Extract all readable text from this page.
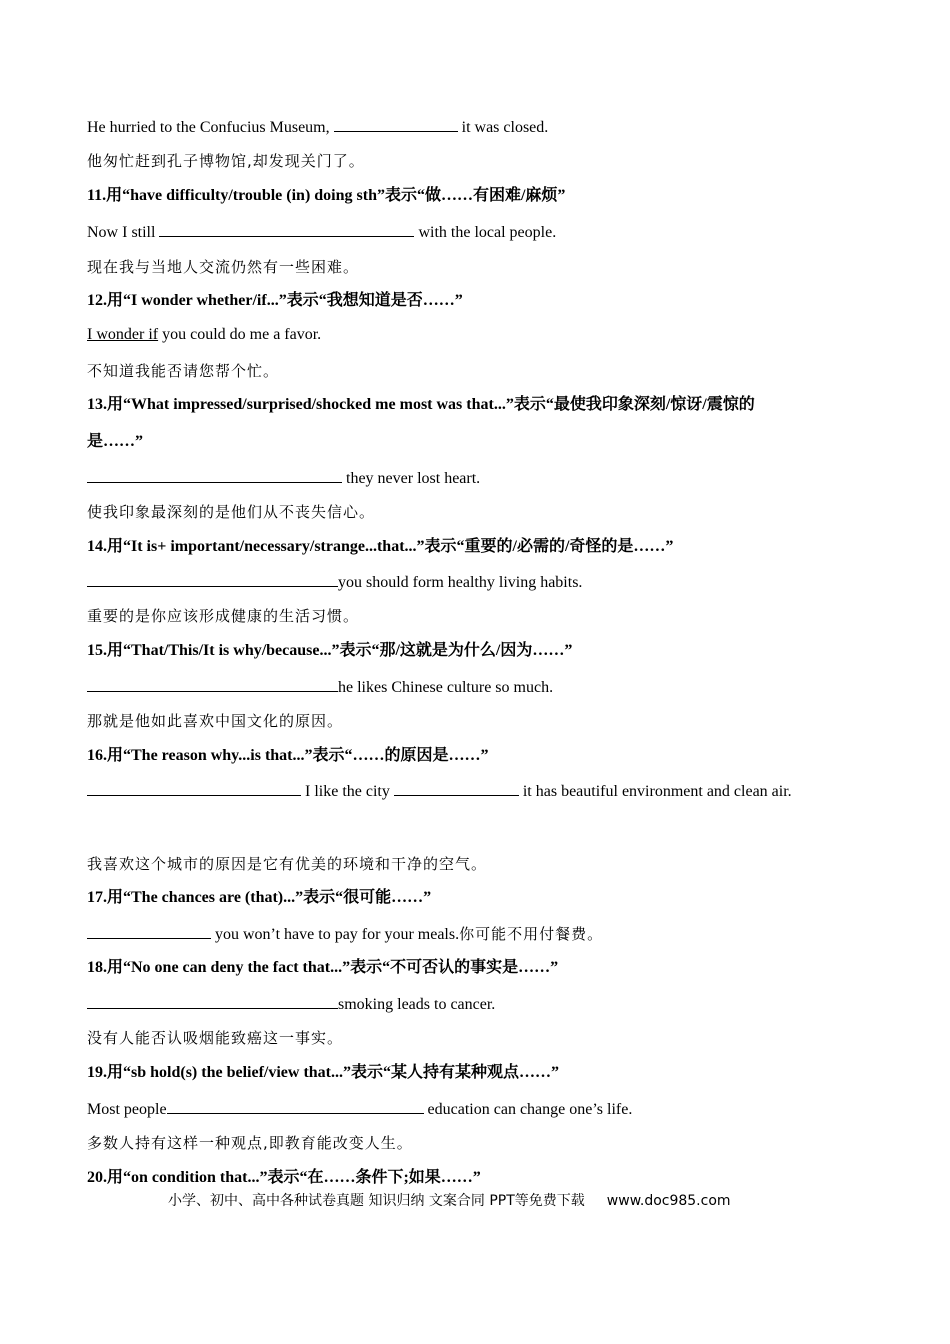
He hurried to the Confucius Museum,	it was closed.
他匆忙赶到孔子博物馆,却发现关门了。
11.用“have difficulty/trouble (in) doing sth”表示“做……有困难/麻烦”
Now I still	with the local people.
现在我与当地人交流仍然有一些困难。
12.用“I wonder whether/if...”表示“我想知道是否……”
I wonder if you could do me a favor.
不知道我能否请您帮个忙。
13.用“What impressed/surprised/shocked me most was that...”表示“最使我印象深刻/惊讶/震惊的
是……”
they never lost heart.
使我印象最深刻的是他们从不丧失信心。
14.用“It is+ important/necessary/strange...that...”表示“重要的/必需的/奇怪的是……”
you should form healthy living habits.
重要的是你应该形成健康的生活习惯。
15.用“That/This/It is why/because...”表示“那/这就是为什么/因为……”
he likes Chinese culture so much.
那就是他如此喜欢中国文化的原因。
16.用“The reason why...is that...”表示“……的原因是……”
I like the city	it has beautiful environment and clean air.
我喜欢这个城市的原因是它有优美的环境和干净的空气。
17.用“The chances are (that)...”表示“很可能……”
you won’t have to pay for your meals.你可能不用付餐费。
18.用“No one can deny the fact that...”表示“不可否认的事实是……”
smoking leads to cancer.
没有人能否认吸烟能致癌这一事实。
19.用“sb hold(s) the belief/view that...”表示“某人持有某种观点……”
Most people	education can change one’s life.
多数人持有这样一种观点,即教育能改变人生。
20.用“on condition that...”表示“在……条件下;如果……”
小学、初中、高中各种试卷真题 知识归纳 文案合同 PPT等免费下载 www.doc985.com
